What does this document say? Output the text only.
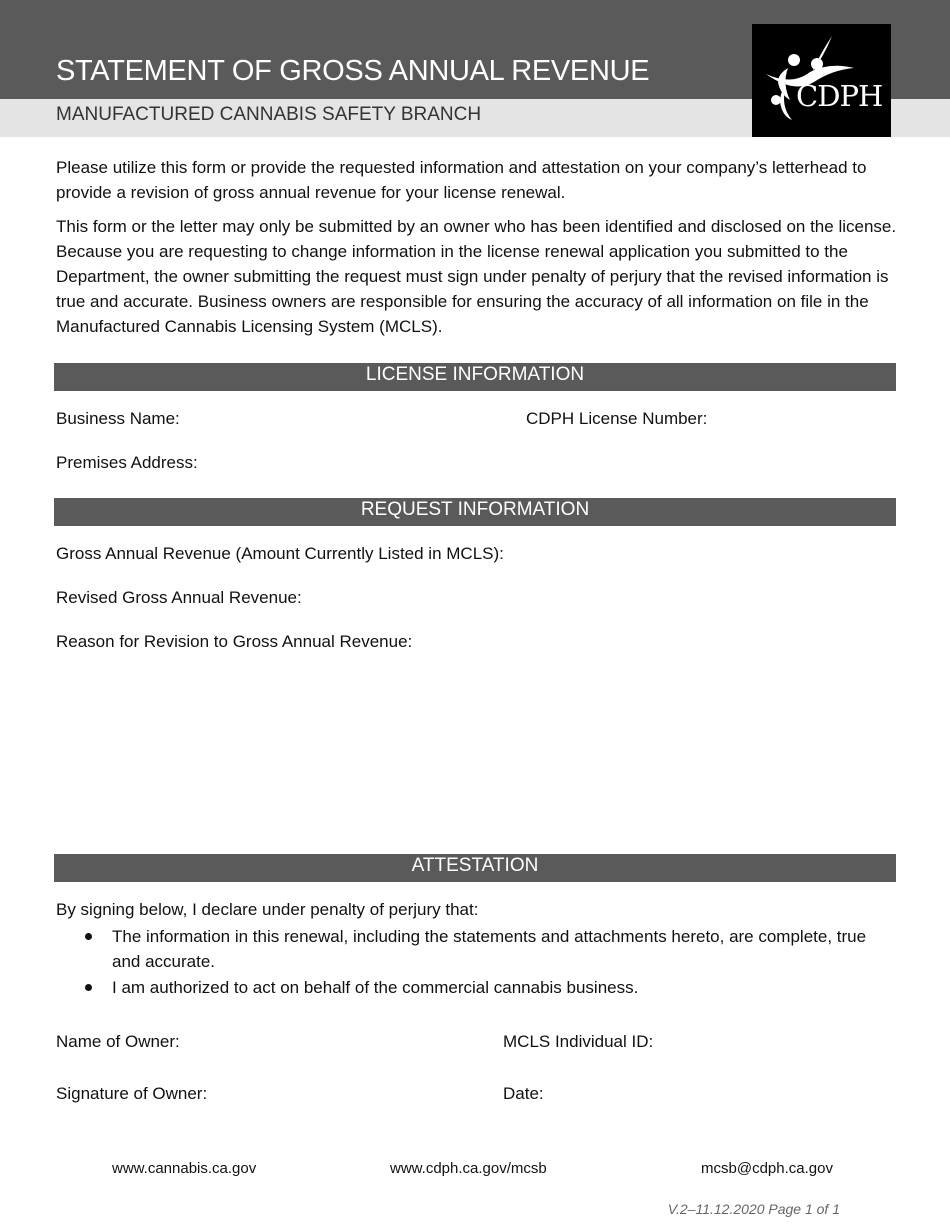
STATEMENT OF GROSS ANNUAL REVENUE
MANUFACTURED CANNABIS SAFETY BRANCH
CDPH

Please utilize this form or provide the requested information and attestation on your company’s letterhead to provide a revision of gross annual revenue for your license renewal.

This form or the letter may only be submitted by an owner who has been identified and disclosed on the license. Because you are requesting to change information in the license renewal application you submitted to the Department, the owner submitting the request must sign under penalty of perjury that the revised information is true and accurate. Business owners are responsible for ensuring the accuracy of all information on file in the Manufactured Cannabis Licensing System (MCLS).

LICENSE INFORMATION
Business Name:	CDPH License Number:
Premises Address:
REQUEST INFORMATION
Gross Annual Revenue (Amount Currently Listed in MCLS):
Revised Gross Annual Revenue:
Reason for Revision to Gross Annual Revenue:
ATTESTATION
By signing below, I declare under penalty of perjury that:
The information in this renewal, including the statements and attachments hereto, are complete, true and accurate.
I am authorized to act on behalf of the commercial cannabis business.
Name of Owner:	MCLS Individual ID:
Signature of Owner:	Date:
www.cannabis.ca.gov	www.cdph.ca.gov/mcsb	mcsb@cdph.ca.gov
V.2–11.12.2020 Page 1 of 1
